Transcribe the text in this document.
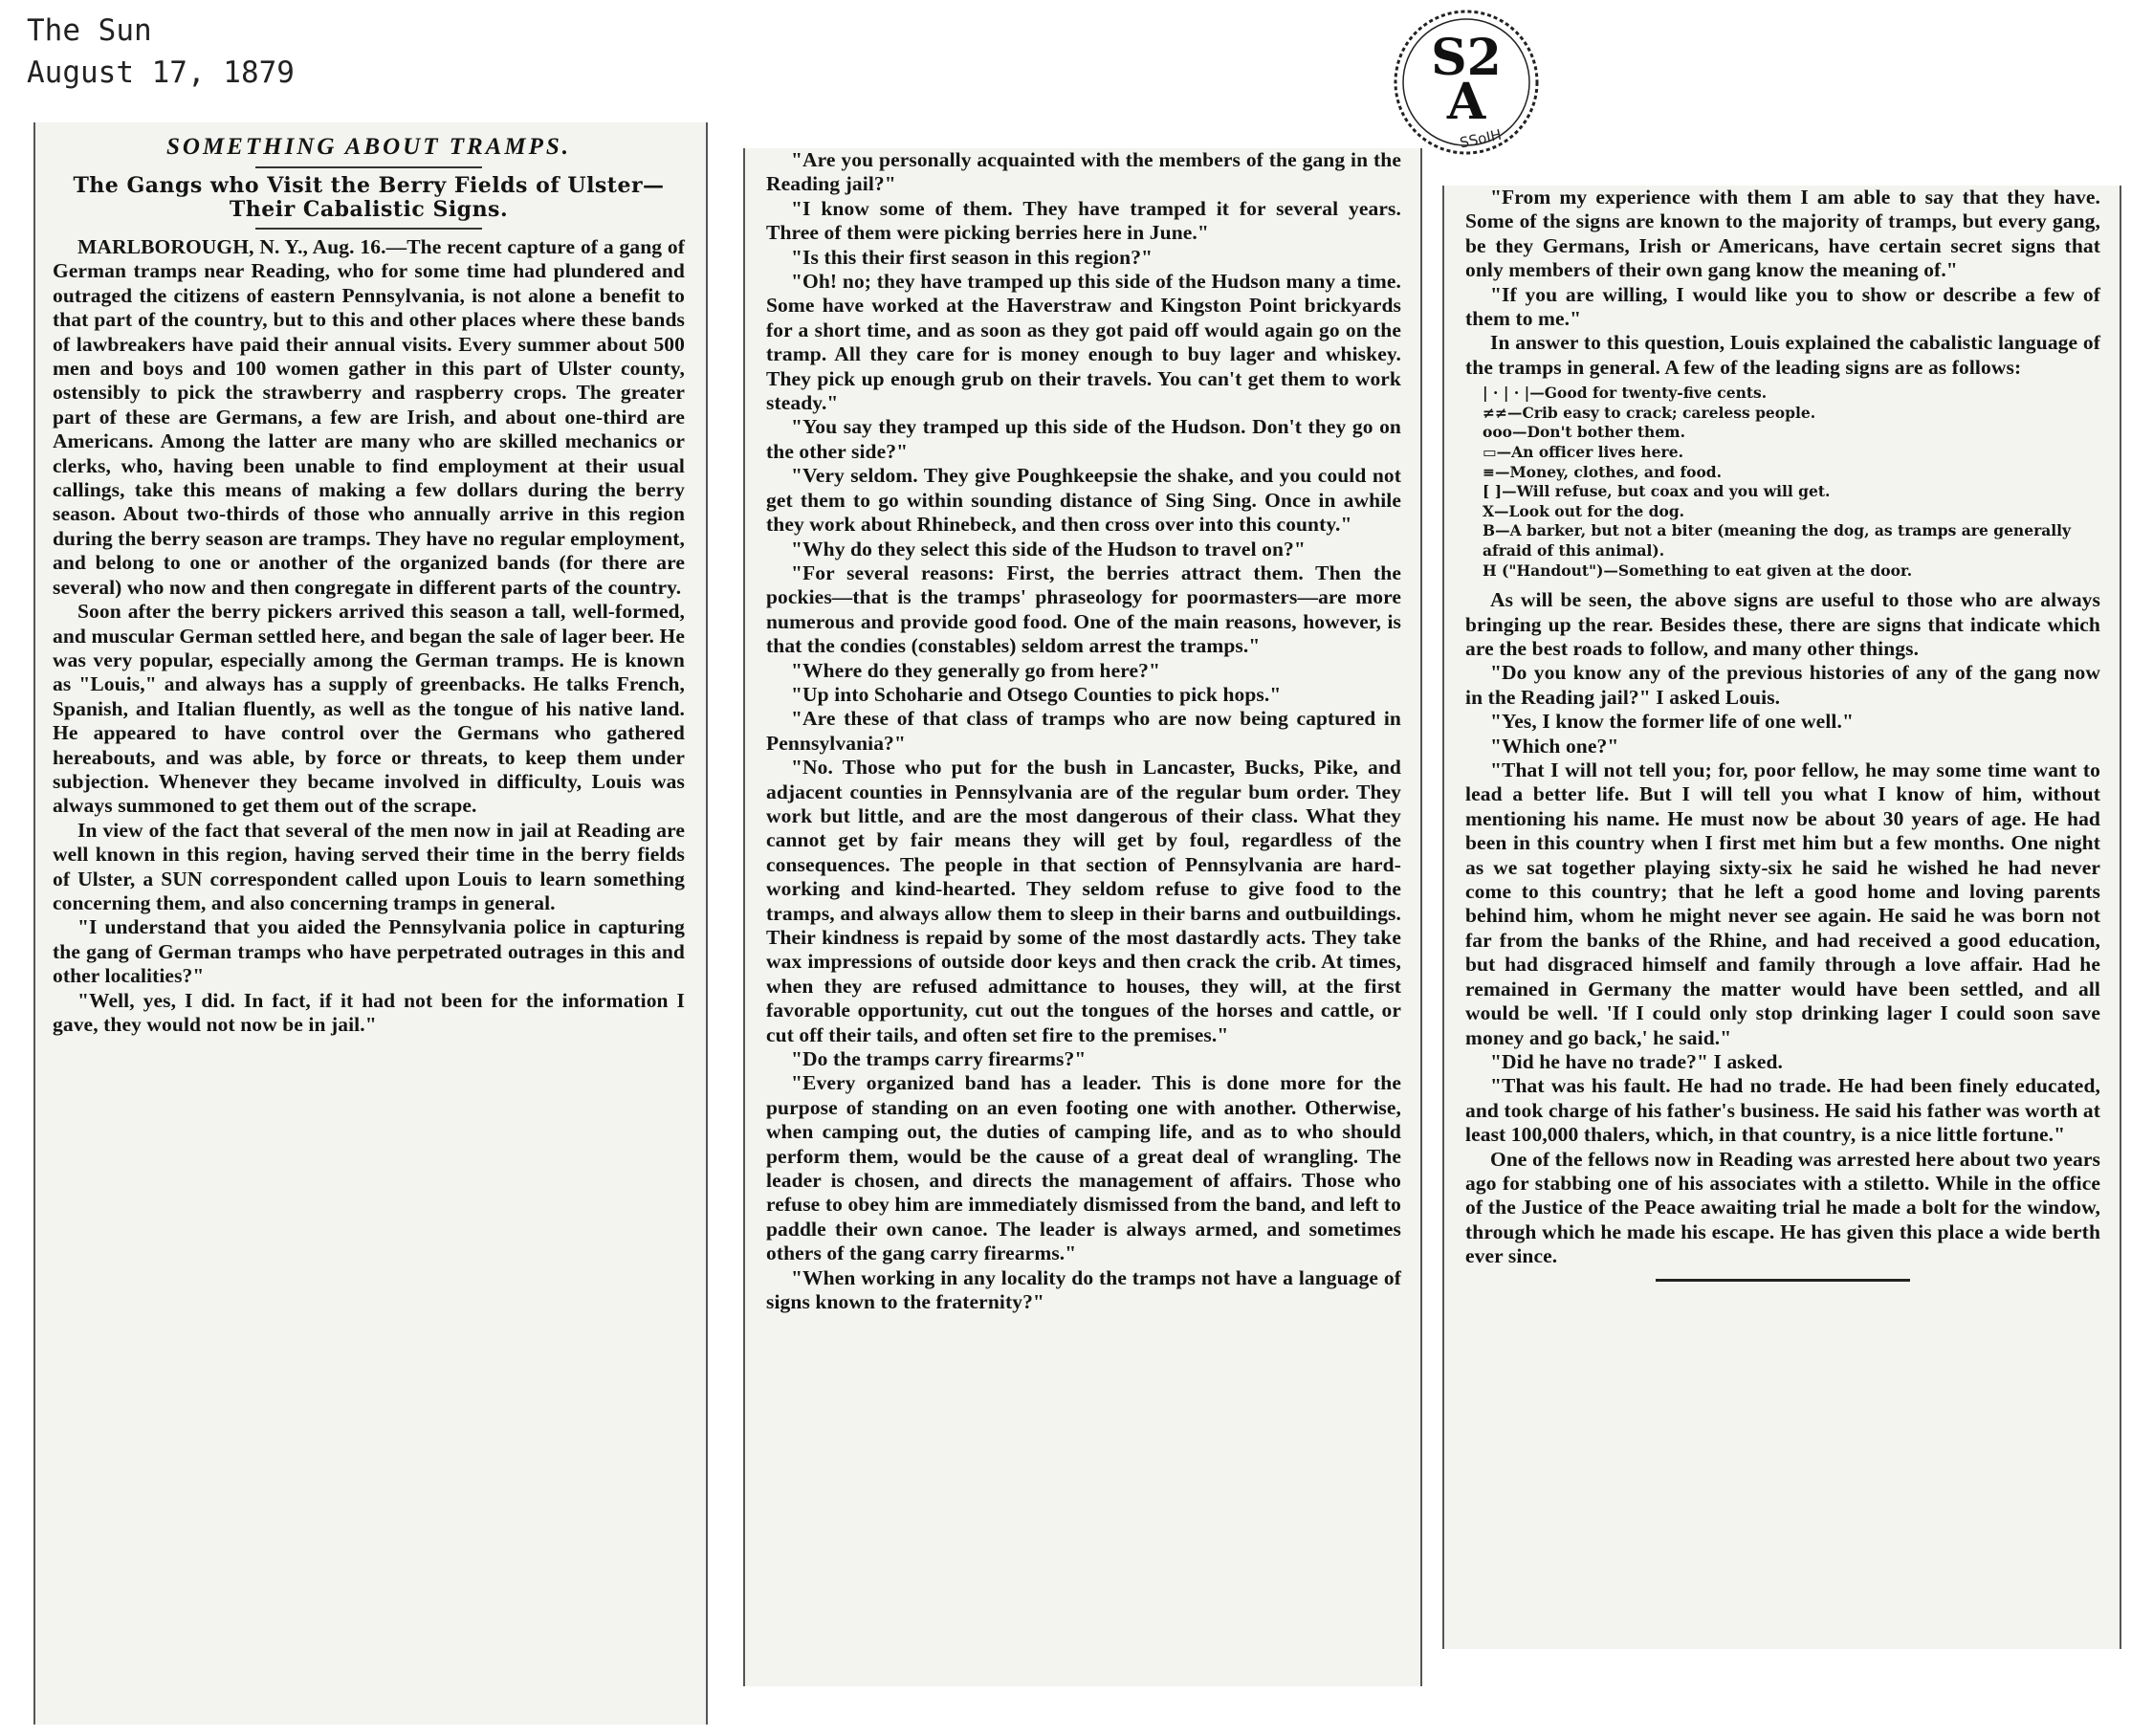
The Sun
August 17, 1879	S2
A
SSoIH
SOMETHING ABOUT TRAMPS.
The Gangs who Visit the Berry Fields of Ulster—Their Cabalistic Signs.

MARLBOROUGH, N. Y., Aug. 16.—The recent capture of a gang of German tramps near Reading, who for some time had plundered and outraged the citizens of eastern Pennsylvania, is not alone a benefit to that part of the country, but to this and other places where these bands of lawbreakers have paid their annual visits. Every summer about 500 men and boys and 100 women gather in this part of Ulster county, ostensibly to pick the strawberry and raspberry crops. The greater part of these are Germans, a few are Irish, and about one-third are Americans. Among the latter are many who are skilled mechanics or clerks, who, having been unable to find employment at their usual callings, take this means of making a few dollars during the berry season. About two-thirds of those who annually arrive in this region during the berry season are tramps. They have no regular employment, and belong to one or another of the organized bands (for there are several) who now and then congregate in different parts of the country.

Soon after the berry pickers arrived this season a tall, well-formed, and muscular German settled here, and began the sale of lager beer. He was very popular, especially among the German tramps. He is known as "Louis," and always has a supply of greenbacks. He talks French, Spanish, and Italian fluently, as well as the tongue of his native land. He appeared to have control over the Germans who gathered hereabouts, and was able, by force or threats, to keep them under subjection. Whenever they became involved in difficulty, Louis was always summoned to get them out of the scrape.

In view of the fact that several of the men now in jail at Reading are well known in this region, having served their time in the berry fields of Ulster, a SUN correspondent called upon Louis to learn something concerning them, and also concerning tramps in general.

"I understand that you aided the Pennsylvania police in capturing the gang of German tramps who have perpetrated outrages in this and other localities?"

"Well, yes, I did. In fact, if it had not been for the information I gave, they would not now be in jail."

"Are you personally acquainted with the members of the gang in the Reading jail?"

"I know some of them. They have tramped it for several years. Three of them were picking berries here in June."

"Is this their first season in this region?"

"Oh! no; they have tramped up this side of the Hudson many a time. Some have worked at the Haverstraw and Kingston Point brickyards for a short time, and as soon as they got paid off would again go on the tramp. All they care for is money enough to buy lager and whiskey. They pick up enough grub on their travels. You can't get them to work steady."

"You say they tramped up this side of the Hudson. Don't they go on the other side?"

"Very seldom. They give Poughkeepsie the shake, and you could not get them to go within sounding distance of Sing Sing. Once in awhile they work about Rhinebeck, and then cross over into this county."

"Why do they select this side of the Hudson to travel on?"

"For several reasons: First, the berries attract them. Then the pockies—that is the tramps' phraseology for poormasters—are more numerous and provide good food. One of the main reasons, however, is that the condies (constables) seldom arrest the tramps."

"Where do they generally go from here?"

"Up into Schoharie and Otsego Counties to pick hops."

"Are these of that class of tramps who are now being captured in Pennsylvania?"

"No. Those who put for the bush in Lancaster, Bucks, Pike, and adjacent counties in Pennsylvania are of the regular bum order. They work but little, and are the most dangerous of their class. What they cannot get by fair means they will get by foul, regardless of the consequences. The people in that section of Pennsylvania are hard-working and kind-hearted. They seldom refuse to give food to the tramps, and always allow them to sleep in their barns and outbuildings. Their kindness is repaid by some of the most dastardly acts. They take wax impressions of outside door keys and then crack the crib. At times, when they are refused admittance to houses, they will, at the first favorable opportunity, cut out the tongues of the horses and cattle, or cut off their tails, and often set fire to the premises."

"Do the tramps carry firearms?"

"Every organized band has a leader. This is done more for the purpose of standing on an even footing one with another. Otherwise, when camping out, the duties of camping life, and as to who should perform them, would be the cause of a great deal of wrangling. The leader is chosen, and directs the management of affairs. Those who refuse to obey him are immediately dismissed from the band, and left to paddle their own canoe. The leader is always armed, and sometimes others of the gang carry firearms."

"When working in any locality do the tramps not have a language of signs known to the fraternity?"

"From my experience with them I am able to say that they have. Some of the signs are known to the majority of tramps, but every gang, be they Germans, Irish or Americans, have certain secret signs that only members of their own gang know the meaning of."

"If you are willing, I would like you to show or describe a few of them to me."

In answer to this question, Louis explained the cabalistic language of the tramps in general. A few of the leading signs are as follows:

| · | · |—Good for twenty-five cents.
≠≠—Crib easy to crack; careless people.
ooo—Don't bother them.
▭—An officer lives here.
≡—Money, clothes, and food.
[ ]—Will refuse, but coax and you will get.
X—Look out for the dog.
B—A barker, but not a biter (meaning the dog, as tramps are generally afraid of this animal).
H ("Handout")—Something to eat given at the door.

As will be seen, the above signs are useful to those who are always bringing up the rear. Besides these, there are signs that indicate which are the best roads to follow, and many other things.

"Do you know any of the previous histories of any of the gang now in the Reading jail?" I asked Louis.

"Yes, I know the former life of one well."

"Which one?"

"That I will not tell you; for, poor fellow, he may some time want to lead a better life. But I will tell you what I know of him, without mentioning his name. He must now be about 30 years of age. He had been in this country when I first met him but a few months. One night as we sat together playing sixty-six he said he wished he had never come to this country; that he left a good home and loving parents behind him, whom he might never see again. He said he was born not far from the banks of the Rhine, and had received a good education, but had disgraced himself and family through a love affair. Had he remained in Germany the matter would have been settled, and all would be well. 'If I could only stop drinking lager I could soon save money and go back,' he said."

"Did he have no trade?" I asked.

"That was his fault. He had no trade. He had been finely educated, and took charge of his father's business. He said his father was worth at least 100,000 thalers, which, in that country, is a nice little fortune."

One of the fellows now in Reading was arrested here about two years ago for stabbing one of his associates with a stiletto. While in the office of the Justice of the Peace awaiting trial he made a bolt for the window, through which he made his escape. He has given this place a wide berth ever since.
